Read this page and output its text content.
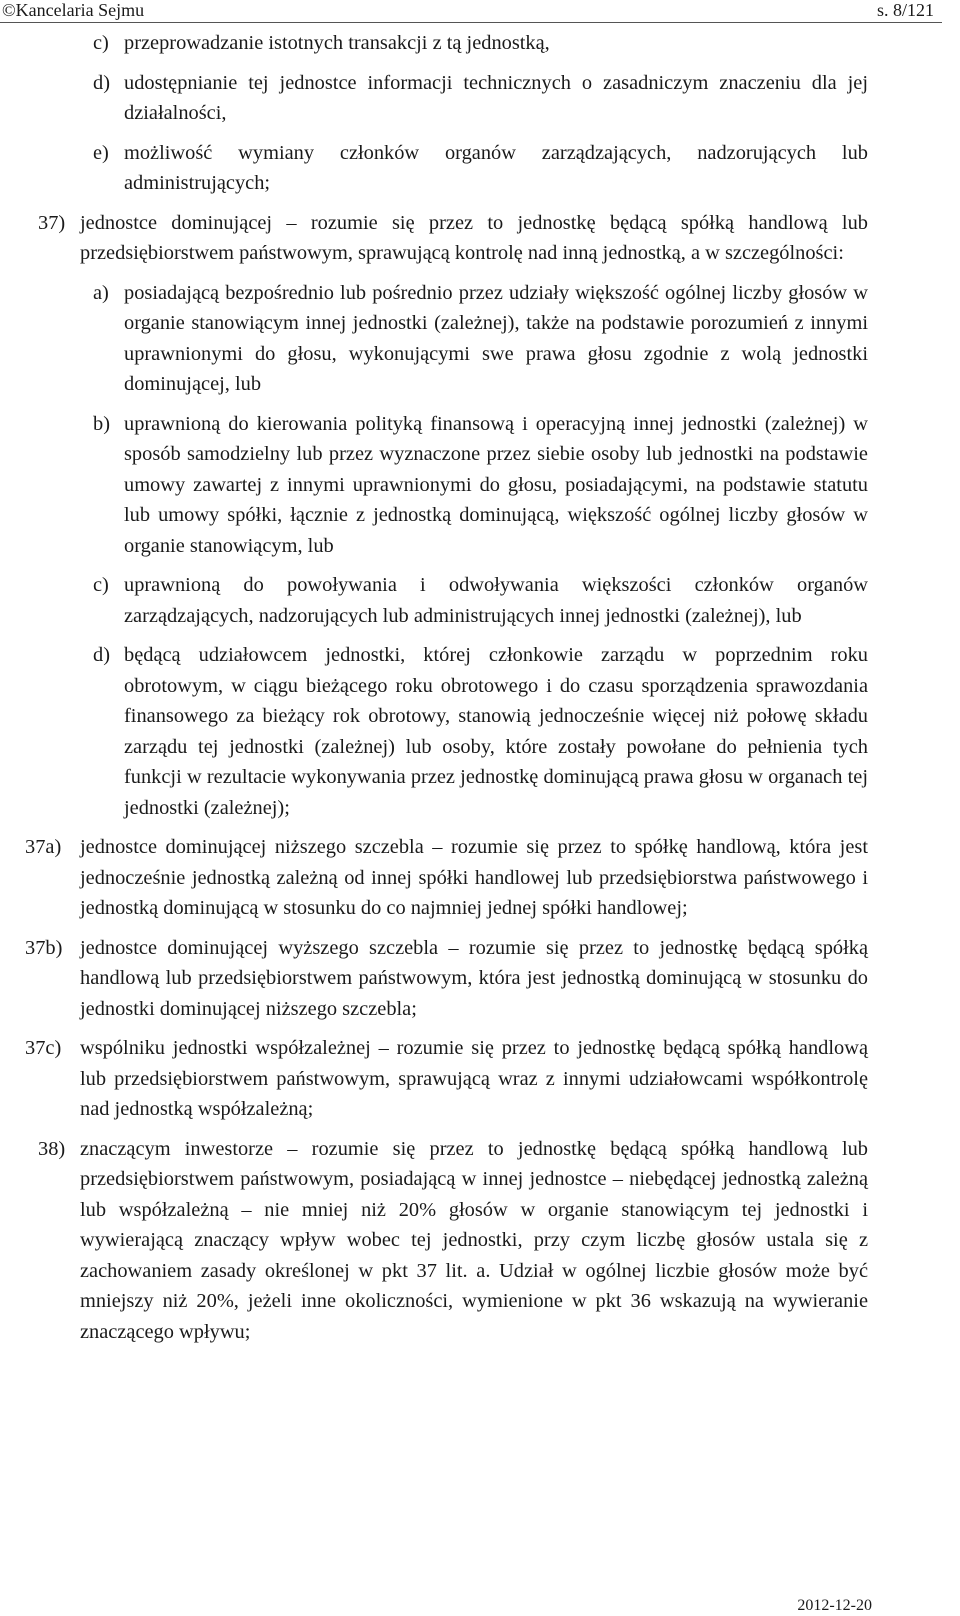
©Kancelaria Sejmu	s. 8/121
c) przeprowadzanie istotnych transakcji z tą jednostką,
d) udostępnianie tej jednostce informacji technicznych o zasadniczym znaczeniu dla jej działalności,
e) możliwość wymiany członków organów zarządzających, nadzorujących lub administrujących;
37) jednostce dominującej – rozumie się przez to jednostkę będącą spółką handlową lub przedsiębiorstwem państwowym, sprawującą kontrolę nad inną jednostką, a w szczególności:
a) posiadającą bezpośrednio lub pośrednio przez udziały większość ogólnej liczby głosów w organie stanowiącym innej jednostki (zależnej), także na podstawie porozumień z innymi uprawnionymi do głosu, wykonującymi swe prawa głosu zgodnie z wolą jednostki dominującej, lub
b) uprawnioną do kierowania polityką finansową i operacyjną innej jednostki (zależnej) w sposób samodzielny lub przez wyznaczone przez siebie osoby lub jednostki na podstawie umowy zawartej z innymi uprawnionymi do głosu, posiadającymi, na podstawie statutu lub umowy spółki, łącznie z jednostką dominującą, większość ogólnej liczby głosów w organie stanowiącym, lub
c) uprawnioną do powoływania i odwoływania większości członków organów zarządzających, nadzorujących lub administrujących innej jednostki (zależnej), lub
d) będącą udziałowcem jednostki, której członkowie zarządu w poprzednim roku obrotowym, w ciągu bieżącego roku obrotowego i do czasu sporządzenia sprawozdania finansowego za bieżący rok obrotowy, stanowią jednocześnie więcej niż połowę składu zarządu tej jednostki (zależnej) lub osoby, które zostały powołane do pełnienia tych funkcji w rezultacie wykonywania przez jednostkę dominującą prawa głosu w organach tej jednostki (zależnej);
37a) jednostce dominującej niższego szczebla – rozumie się przez to spółkę handlową, która jest jednocześnie jednostką zależną od innej spółki handlowej lub przedsiębiorstwa państwowego i jednostką dominującą w stosunku do co najmniej jednej spółki handlowej;
37b) jednostce dominującej wyższego szczebla – rozumie się przez to jednostkę będącą spółką handlową lub przedsiębiorstwem państwowym, która jest jednostką dominującą w stosunku do jednostki dominującej niższego szczebla;
37c) wspólniku jednostki współzależnej – rozumie się przez to jednostkę będącą spółką handlową lub przedsiębiorstwem państwowym, sprawującą wraz z innymi udziałowcami współkontrolę nad jednostką współzależną;
38) znaczącym inwestorze – rozumie się przez to jednostkę będącą spółką handlową lub przedsiębiorstwem państwowym, posiadającą w innej jednostce – niebędącej jednostką zależną lub współzależną – nie mniej niż 20% głosów w organie stanowiącym tej jednostki i wywierającą znaczący wpływ wobec tej jednostki, przy czym liczbę głosów ustala się z zachowaniem zasady określonej w pkt 37 lit. a. Udział w ogólnej liczbie głosów może być mniejszy niż 20%, jeżeli inne okoliczności, wymienione w pkt 36 wskazują na wywieranie znaczącego wpływu;
2012-12-20
